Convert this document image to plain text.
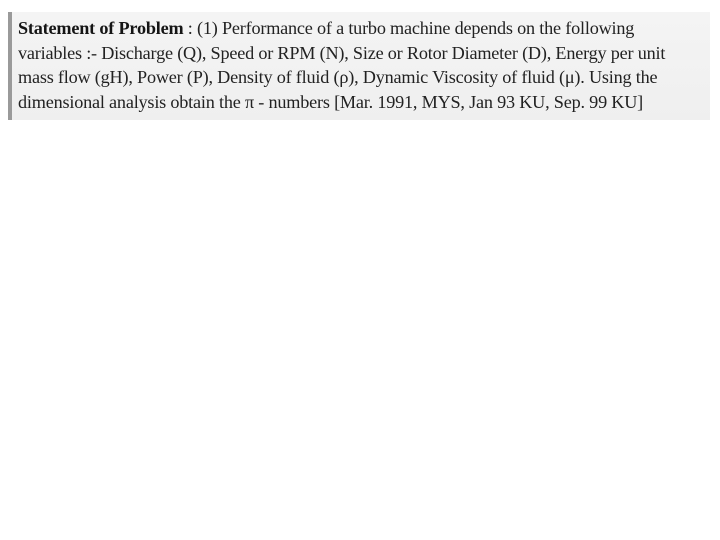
Statement of Problem : (1) Performance of a turbo machine depends on the following
variables :- Discharge (Q), Speed or RPM (N), Size or Rotor Diameter (D), Energy per unit
mass flow (gH), Power (P), Density of fluid (ρ), Dynamic Viscosity of fluid (μ). Using the
dimensional analysis obtain the π - numbers [Mar. 1991, MYS, Jan 93 KU, Sep. 99 KU]
